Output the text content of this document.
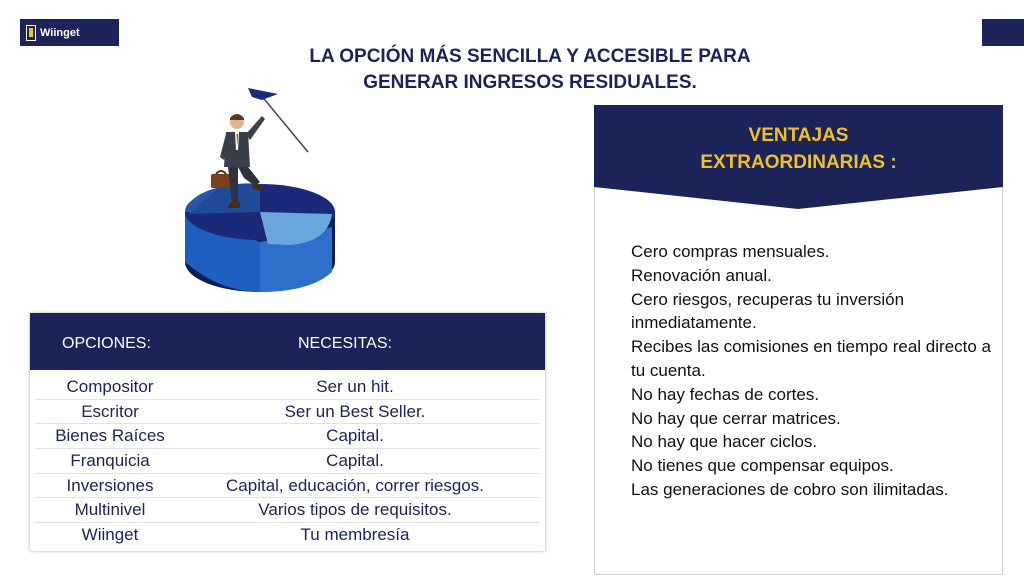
Wiinget
LA OPCIÓN MÁS SENCILLA Y ACCESIBLE PARA
GENERAR INGRESOS RESIDUALES.
OPCIONES:	NECESITAS:
Compositor	Ser un hit.
Escritor	Ser un Best Seller.
Bienes Raíces	Capital.
Franquicia	Capital.
Inversiones	Capital, educación, correr riesgos.
Multinivel	Varios tipos de requisitos.
Wiinget	Tu membresía
VENTAJAS
EXTRAORDINARIAS :
Cero compras mensuales.
Renovación anual.
Cero riesgos, recuperas tu inversión inmediatamente.
Recibes las comisiones en tiempo real directo a tu cuenta.
No hay fechas de cortes.
No hay que cerrar matrices.
No hay que hacer ciclos.
No tienes que compensar equipos.
Las generaciones de cobro son ilimitadas.
